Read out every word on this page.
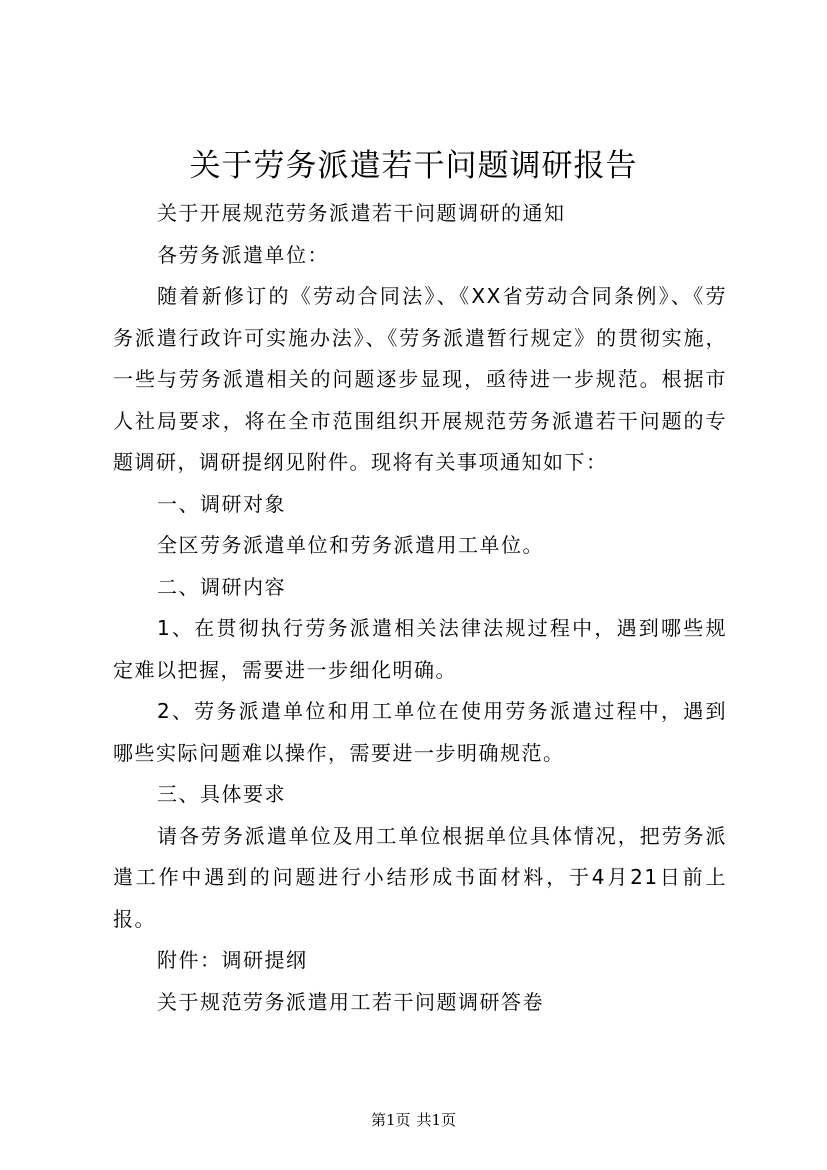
关于劳务派遣若干问题调研报告

关于开展规范劳务派遣若干问题调研的通知

各劳务派遣单位：

随着新修订的《劳动合同法》、《XX省劳动合同条例》、《劳务派遣行政许可实施办法》、《劳务派遣暂行规定》的贯彻实施，一些与劳务派遣相关的问题逐步显现，亟待进一步规范。根据市人社局要求，将在全市范围组织开展规范劳务派遣若干问题的专题调研，调研提纲见附件。现将有关事项通知如下：

一、调研对象

全区劳务派遣单位和劳务派遣用工单位。

二、调研内容

1、在贯彻执行劳务派遣相关法律法规过程中，遇到哪些规定难以把握，需要进一步细化明确。

2、劳务派遣单位和用工单位在使用劳务派遣过程中，遇到哪些实际问题难以操作，需要进一步明确规范。

三、具体要求

请各劳务派遣单位及用工单位根据单位具体情况，把劳务派遣工作中遇到的问题进行小结形成书面材料，于4月21日前上报。

附件：调研提纲

关于规范劳务派遣用工若干问题调研答卷

第1页 共1页
